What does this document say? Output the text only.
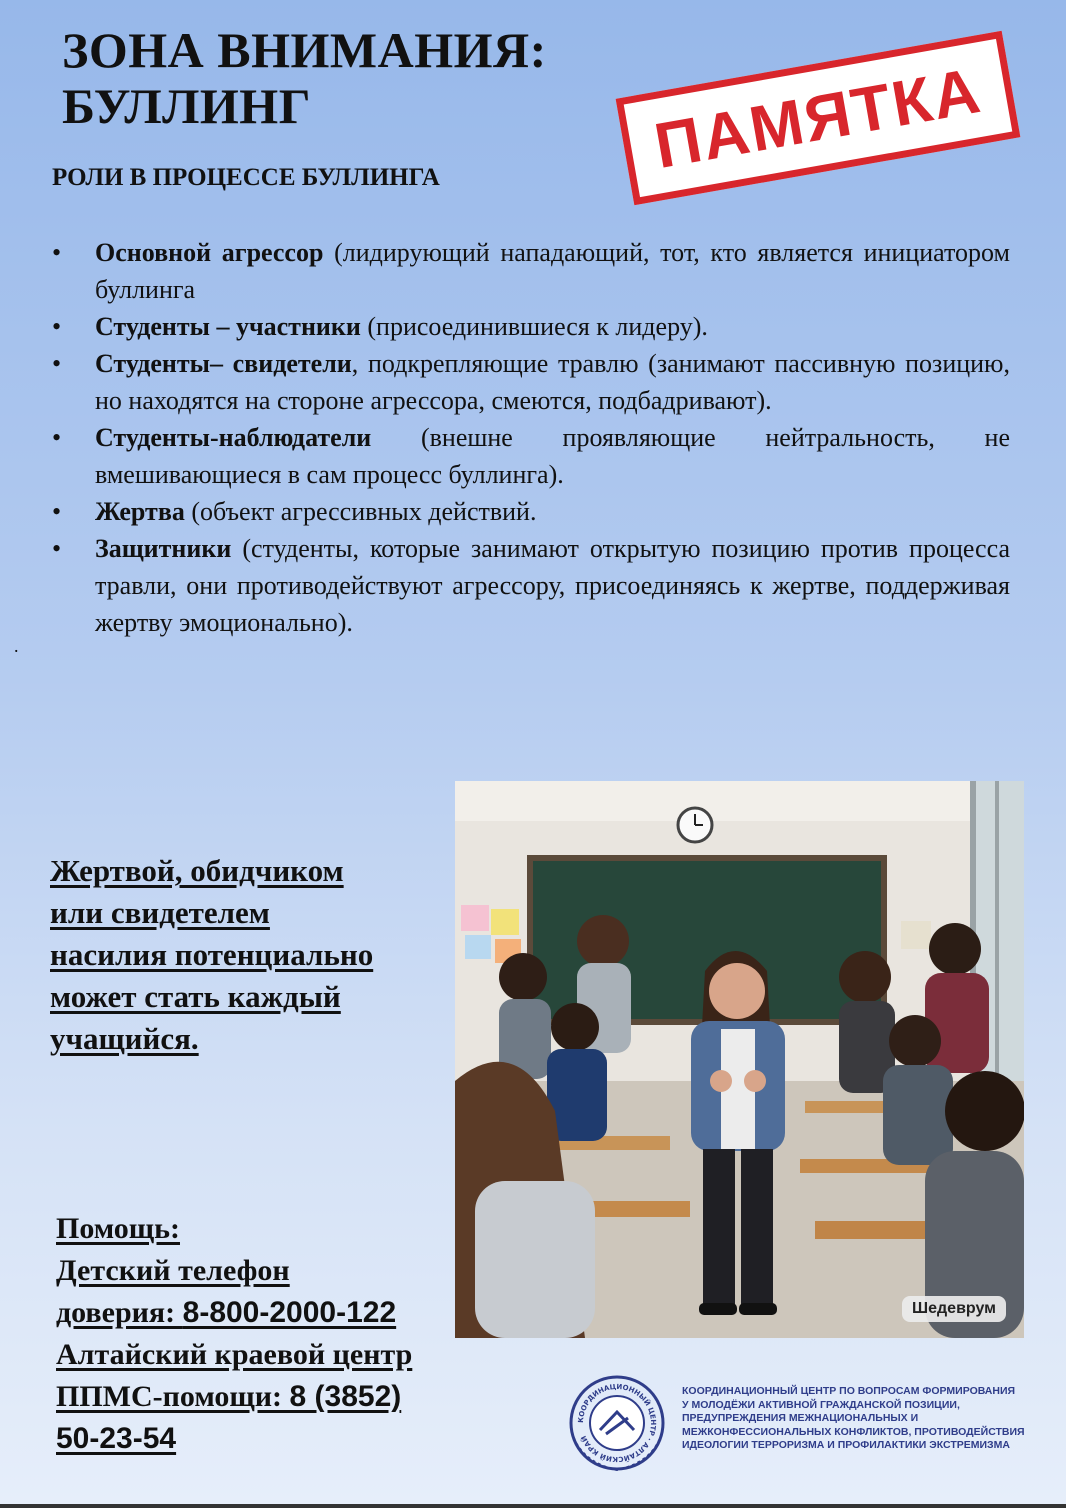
ЗОНА ВНИМАНИЯ:
БУЛЛИНГ	ПАМЯТКА
РОЛИ В ПРОЦЕССЕ БУЛЛИНГА
• Основной агрессор (лидирующий нападающий, тот, кто является инициатором буллинга
• Студенты – участники (присоединившиеся к лидеру).
• Студенты– свидетели, подкрепляющие травлю (занимают пассивную позицию, но находятся на стороне агрессора, смеются, подбадривают).
• Студенты-наблюдатели (внешне проявляющие нейтральность, не вмешивающиеся в сам процесс буллинга).
• Жертва (объект агрессивных действий.
• Защитники (студенты, которые занимают открытую позицию против процесса травли, они противодействуют агрессору, присоединяясь к жертве, поддерживая жертву эмоционально).
.
Жертвой, обидчиком
или свидетелем
насилия потенциально
может стать каждый
учащийся.
Шедеврум
Помощь:
Детский телефон
доверия: 8-800-2000-122
Алтайский краевой центр
ППМС-помощи: 8 (3852)
50-23-54
КООРДИНАЦИОННЫЙ ЦЕНТР · АЛТАЙСКИЙ КРАЙ
КООРДИНАЦИОННЫЙ ЦЕНТР ПО ВОПРОСАМ ФОРМИРОВАНИЯ
У МОЛОДЁЖИ АКТИВНОЙ ГРАЖДАНСКОЙ ПОЗИЦИИ,
ПРЕДУПРЕЖДЕНИЯ МЕЖНАЦИОНАЛЬНЫХ И
МЕЖКОНФЕССИОНАЛЬНЫХ КОНФЛИКТОВ, ПРОТИВОДЕЙСТВИЯ
ИДЕОЛОГИИ ТЕРРОРИЗМА И ПРОФИЛАКТИКИ ЭКСТРЕМИЗМА
